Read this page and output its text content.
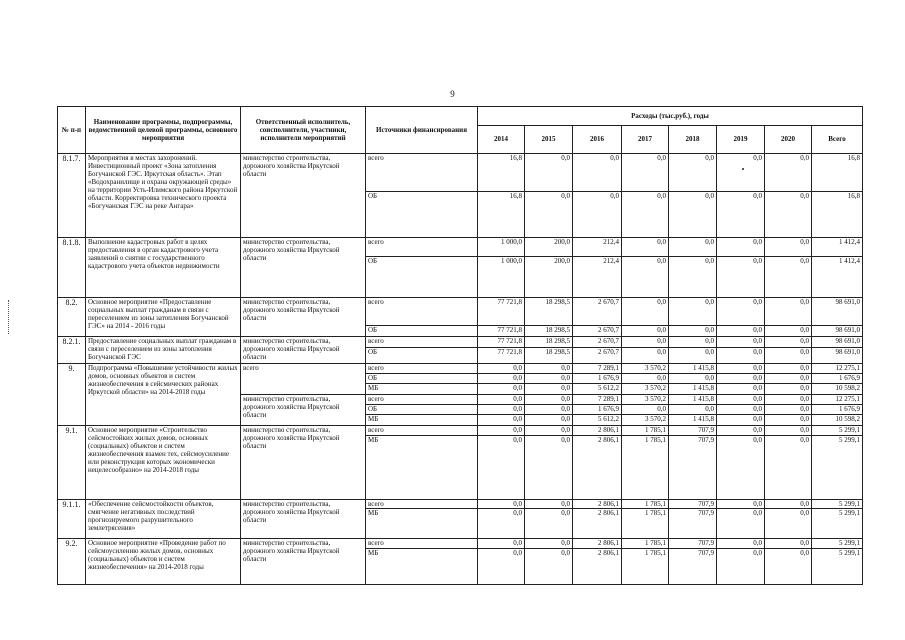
9
№ п-п	Наименование программы, подпрограммы, ведомственной целевой программы, основного мероприятия	Ответственный исполнитель, соисполнители, участники, исполнители мероприятий	Источники финансирования	Расходы (тыс.руб.), годы							
				2014	2015	2016	2017	2018	2019	2020	Всего
8.1.7.	Мероприятия в местах захоронений. Инвестиционный проект «Зона затопления Богучанской ГЭС. Иркутская область». Этап «Водохранилище и охрана окружающей среды» на территории Усть-Илимского района Иркутской области. Корректировка технического проекта «Богучанская ГЭС на реке Ангара»	министерство строительства, дорожного хозяйства Иркутской области	всего	16,8	0,0	0,0	0,0	0,0	0,0	0,0	16,8
			ОБ	16,8	0,0	0,0	0,0	0,0	0,0	0,0	16,8
8.1.8.	Выполнение кадастровых работ в целях предоставления в орган кадастрового учета заявлений о снятии с государственного кадастрового учета объектов недвижимости	министерство строительства, дорожного хозяйства Иркутской области	всего	1 000,0	200,0	212,4	0,0	0,0	0,0	0,0	1 412,4
			ОБ	1 000,0	200,0	212,4	0,0	0,0	0,0	0,0	1 412,4
8.2.	Основное мероприятие «Предоставление социальных выплат гражданам в связи с переселением из зоны затопления Богучанской ГЭС» на 2014 - 2016 годы	министерство строительства, дорожного хозяйства Иркутской области	всего	77 721,8	18 298,5	2 670,7	0,0	0,0	0,0	0,0	98 691,0
			ОБ	77 721,8	18 298,5	2 670,7	0,0	0,0	0,0	0,0	98 691,0
8.2.1.	Предоставление социальных выплат гражданам в связи с переселением из зоны затопления Богучанской ГЭС	министерство строительства, дорожного хозяйства Иркутской области	всего	77 721,8	18 298,5	2 670,7	0,0	0,0	0,0	0,0	98 691,0
			ОБ	77 721,8	18 298,5	2 670,7	0,0	0,0	0,0	0,0	98 691,0
9.	Подпрограмма «Повышение устойчивости жилых домов, основных объектов и систем жизнеобеспечения в сейсмических районах Иркутской области» на 2014-2018 годы	всего	всего	0,0	0,0	7 289,1	3 570,2	1 415,8	0,0	0,0	12 275,1
			ОБ	0,0	0,0	1 676,9	0,0	0,0	0,0	0,0	1 676,9
			МБ	0,0	0,0	5 612,2	3 570,2	1 415,8	0,0	0,0	10 598,2
		министерство строительства, дорожного хозяйства Иркутской области	всего	0,0	0,0	7 289,1	3 570,2	1 415,8	0,0	0,0	12 275,1
			ОБ	0,0	0,0	1 676,9	0,0	0,0	0,0	0,0	1 676,9
			МБ	0,0	0,0	5 612,2	3 570,2	1 415,8	0,0	0,0	10 598,2
9.1.	Основное мероприятие «Строительство сейсмостойких жилых домов, основных (социальных) объектов и систем жизнеобеспечения взамен тех, сейсмоусиление или реконструкция которых экономически нецелесообразно» на 2014-2018 годы	министерство строительства, дорожного хозяйства Иркутской области	всего	0,0	0,0	2 806,1	1 785,1	707,9	0,0	0,0	5 299,1
			МБ	0,0	0,0	2 806,1	1 785,1	707,9	0,0	0,0	5 299,1
9.1.1.	«Обеспечение сейсмостойкости объектов, смягчение негативных последствий прогнозируемого разрушительного землетрясения»	министерство строительства, дорожного хозяйства Иркутской области	всего	0,0	0,0	2 806,1	1 785,1	707,9	0,0	0,0	5 299,1
			МБ	0,0	0,0	2 806,1	1 785,1	707,9	0,0	0,0	5 299,1
9.2.	Основное мероприятие «Проведение работ по сейсмоусилению жилых домов, основных (социальных) объектов и систем жизнеобеспечения» на 2014-2018 годы	министерство строительства, дорожного хозяйства Иркутской области	всего	0,0	0,0	2 806,1	1 785,1	707,9	0,0	0,0	5 299,1
			МБ	0,0	0,0	2 806,1	1 785,1	707,9	0,0	0,0	5 299,1
